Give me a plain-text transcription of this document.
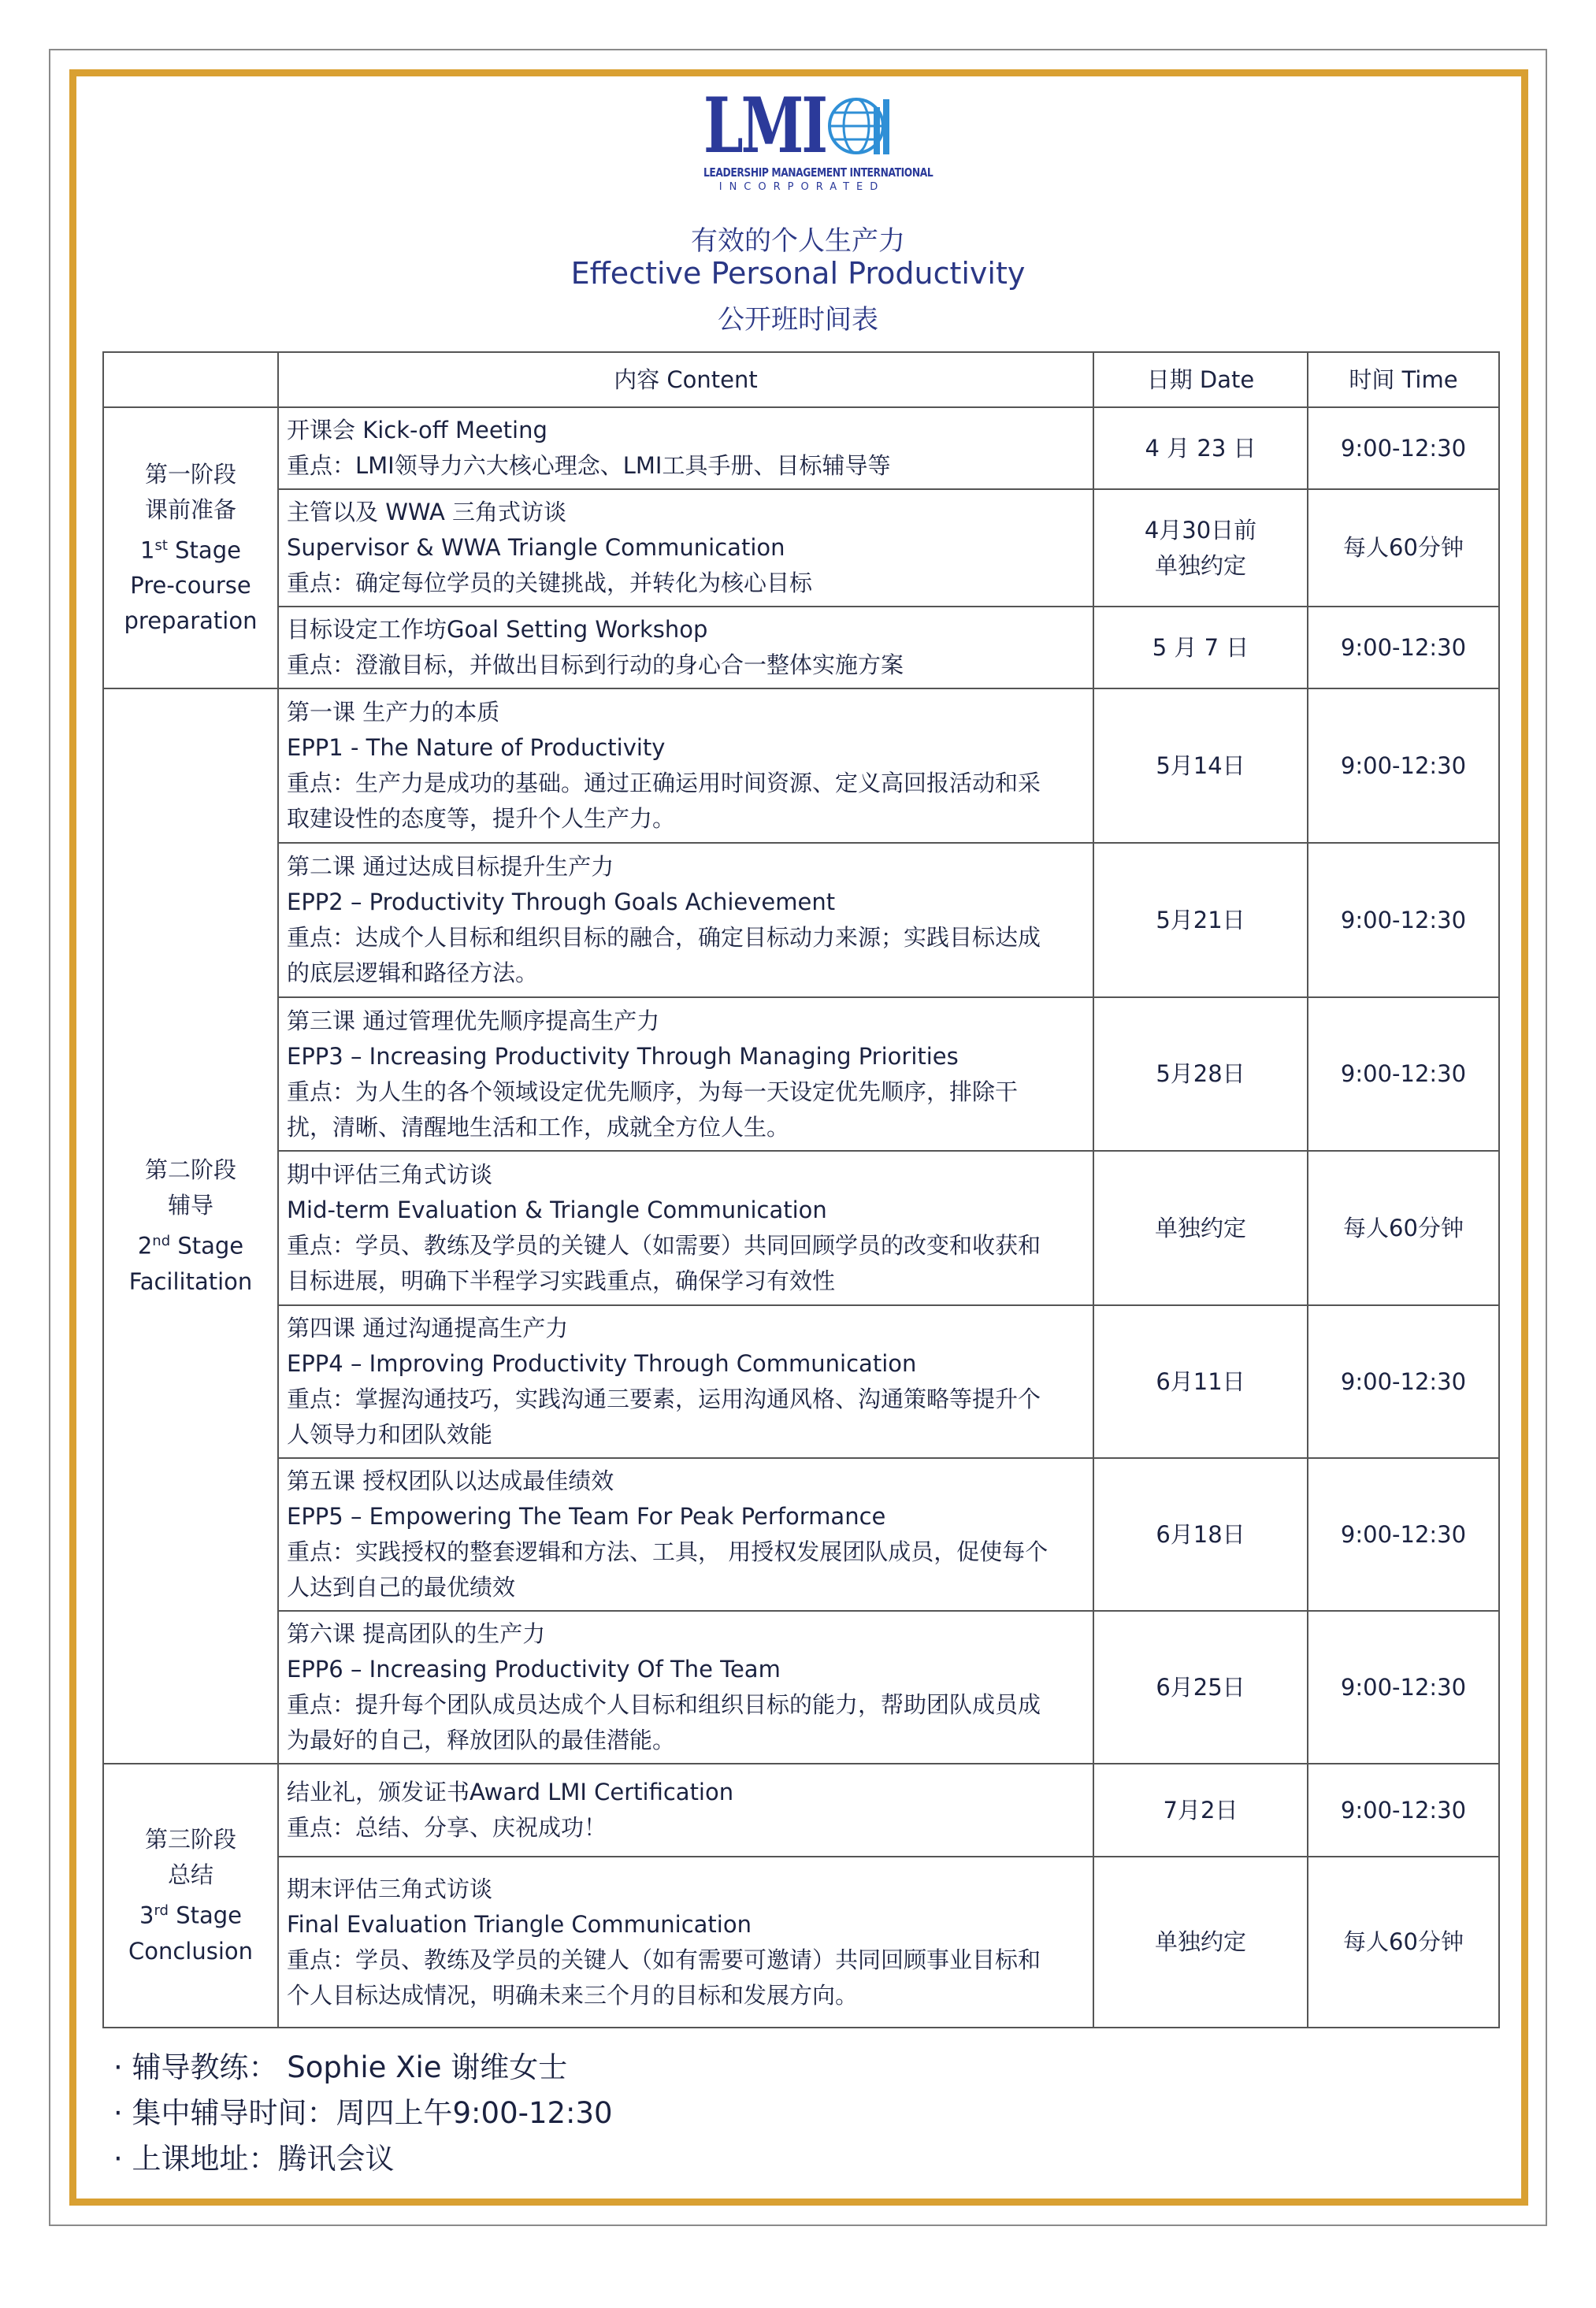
LMI
LEADERSHIP MANAGEMENT INTERNATIONAL
INCORPORATED
有效的个人生产力
Effective Personal Productivity
公开班时间表
	内容 Content	日期 Date	时间 Time

第一阶段
课前准备
1st Stage
Pre-course
preparation	开课会 Kick-off Meeting
重点：LMI领导力六大核心理念、LMI工具手册、目标辅导等	4 月 23 日	9:00-12:30

	主管以及 WWA 三角式访谈
Supervisor & WWA Triangle Communication
重点：确定每位学员的关键挑战，并转化为核心目标	4月30日前
单独约定	每人60分钟

	目标设定工作坊Goal Setting Workshop
重点：澄澈目标，并做出目标到行动的身心合一整体实施方案	5 月 7 日	9:00-12:30

第二阶段
辅导
2nd Stage
Facilitation	第一课 生产力的本质
EPP1 - The Nature of Productivity
重点：生产力是成功的基础。通过正确运用时间资源、定义高回报活动和采
取建设性的态度等，提升个人生产力。	5月14日	9:00-12:30

	第二课 通过达成目标提升生产力
EPP2 – Productivity Through Goals Achievement
重点：达成个人目标和组织目标的融合，确定目标动力来源；实践目标达成
的底层逻辑和路径方法。	5月21日	9:00-12:30

	第三课 通过管理优先顺序提高生产力
EPP3 – Increasing Productivity Through Managing Priorities
重点：为人生的各个领域设定优先顺序，为每一天设定优先顺序，排除干
扰，清晰、清醒地生活和工作，成就全方位人生。	5月28日	9:00-12:30

	期中评估三角式访谈
Mid-term Evaluation & Triangle Communication
重点：学员、教练及学员的关键人（如需要）共同回顾学员的改变和收获和
目标进展，明确下半程学习实践重点，确保学习有效性	单独约定	每人60分钟

	第四课 通过沟通提高生产力
EPP4 – Improving Productivity Through Communication
重点：掌握沟通技巧，实践沟通三要素，运用沟通风格、沟通策略等提升个
人领导力和团队效能	6月11日	9:00-12:30

	第五课 授权团队以达成最佳绩效
EPP5 – Empowering The Team For Peak Performance
重点：实践授权的整套逻辑和方法、工具， 用授权发展团队成员，促使每个
人达到自己的最优绩效	6月18日	9:00-12:30

	第六课 提高团队的生产力
EPP6 – Increasing Productivity Of The Team
重点：提升每个团队成员达成个人目标和组织目标的能力，帮助团队成员成
为最好的自己，释放团队的最佳潜能。	6月25日	9:00-12:30

第三阶段
总结
3rd Stage
Conclusion	结业礼，颁发证书Award LMI Certification
重点：总结、分享、庆祝成功！	7月2日	9:00-12:30

	期末评估三角式访谈
Final Evaluation Triangle Communication
重点：学员、教练及学员的关键人（如有需要可邀请）共同回顾事业目标和
个人目标达成情况，明确未来三个月的目标和发展方向。	单独约定	每人60分钟
· 辅导教练： Sophie Xie 谢维女士
· 集中辅导时间：周四上午9:00-12:30
· 上课地址：腾讯会议
